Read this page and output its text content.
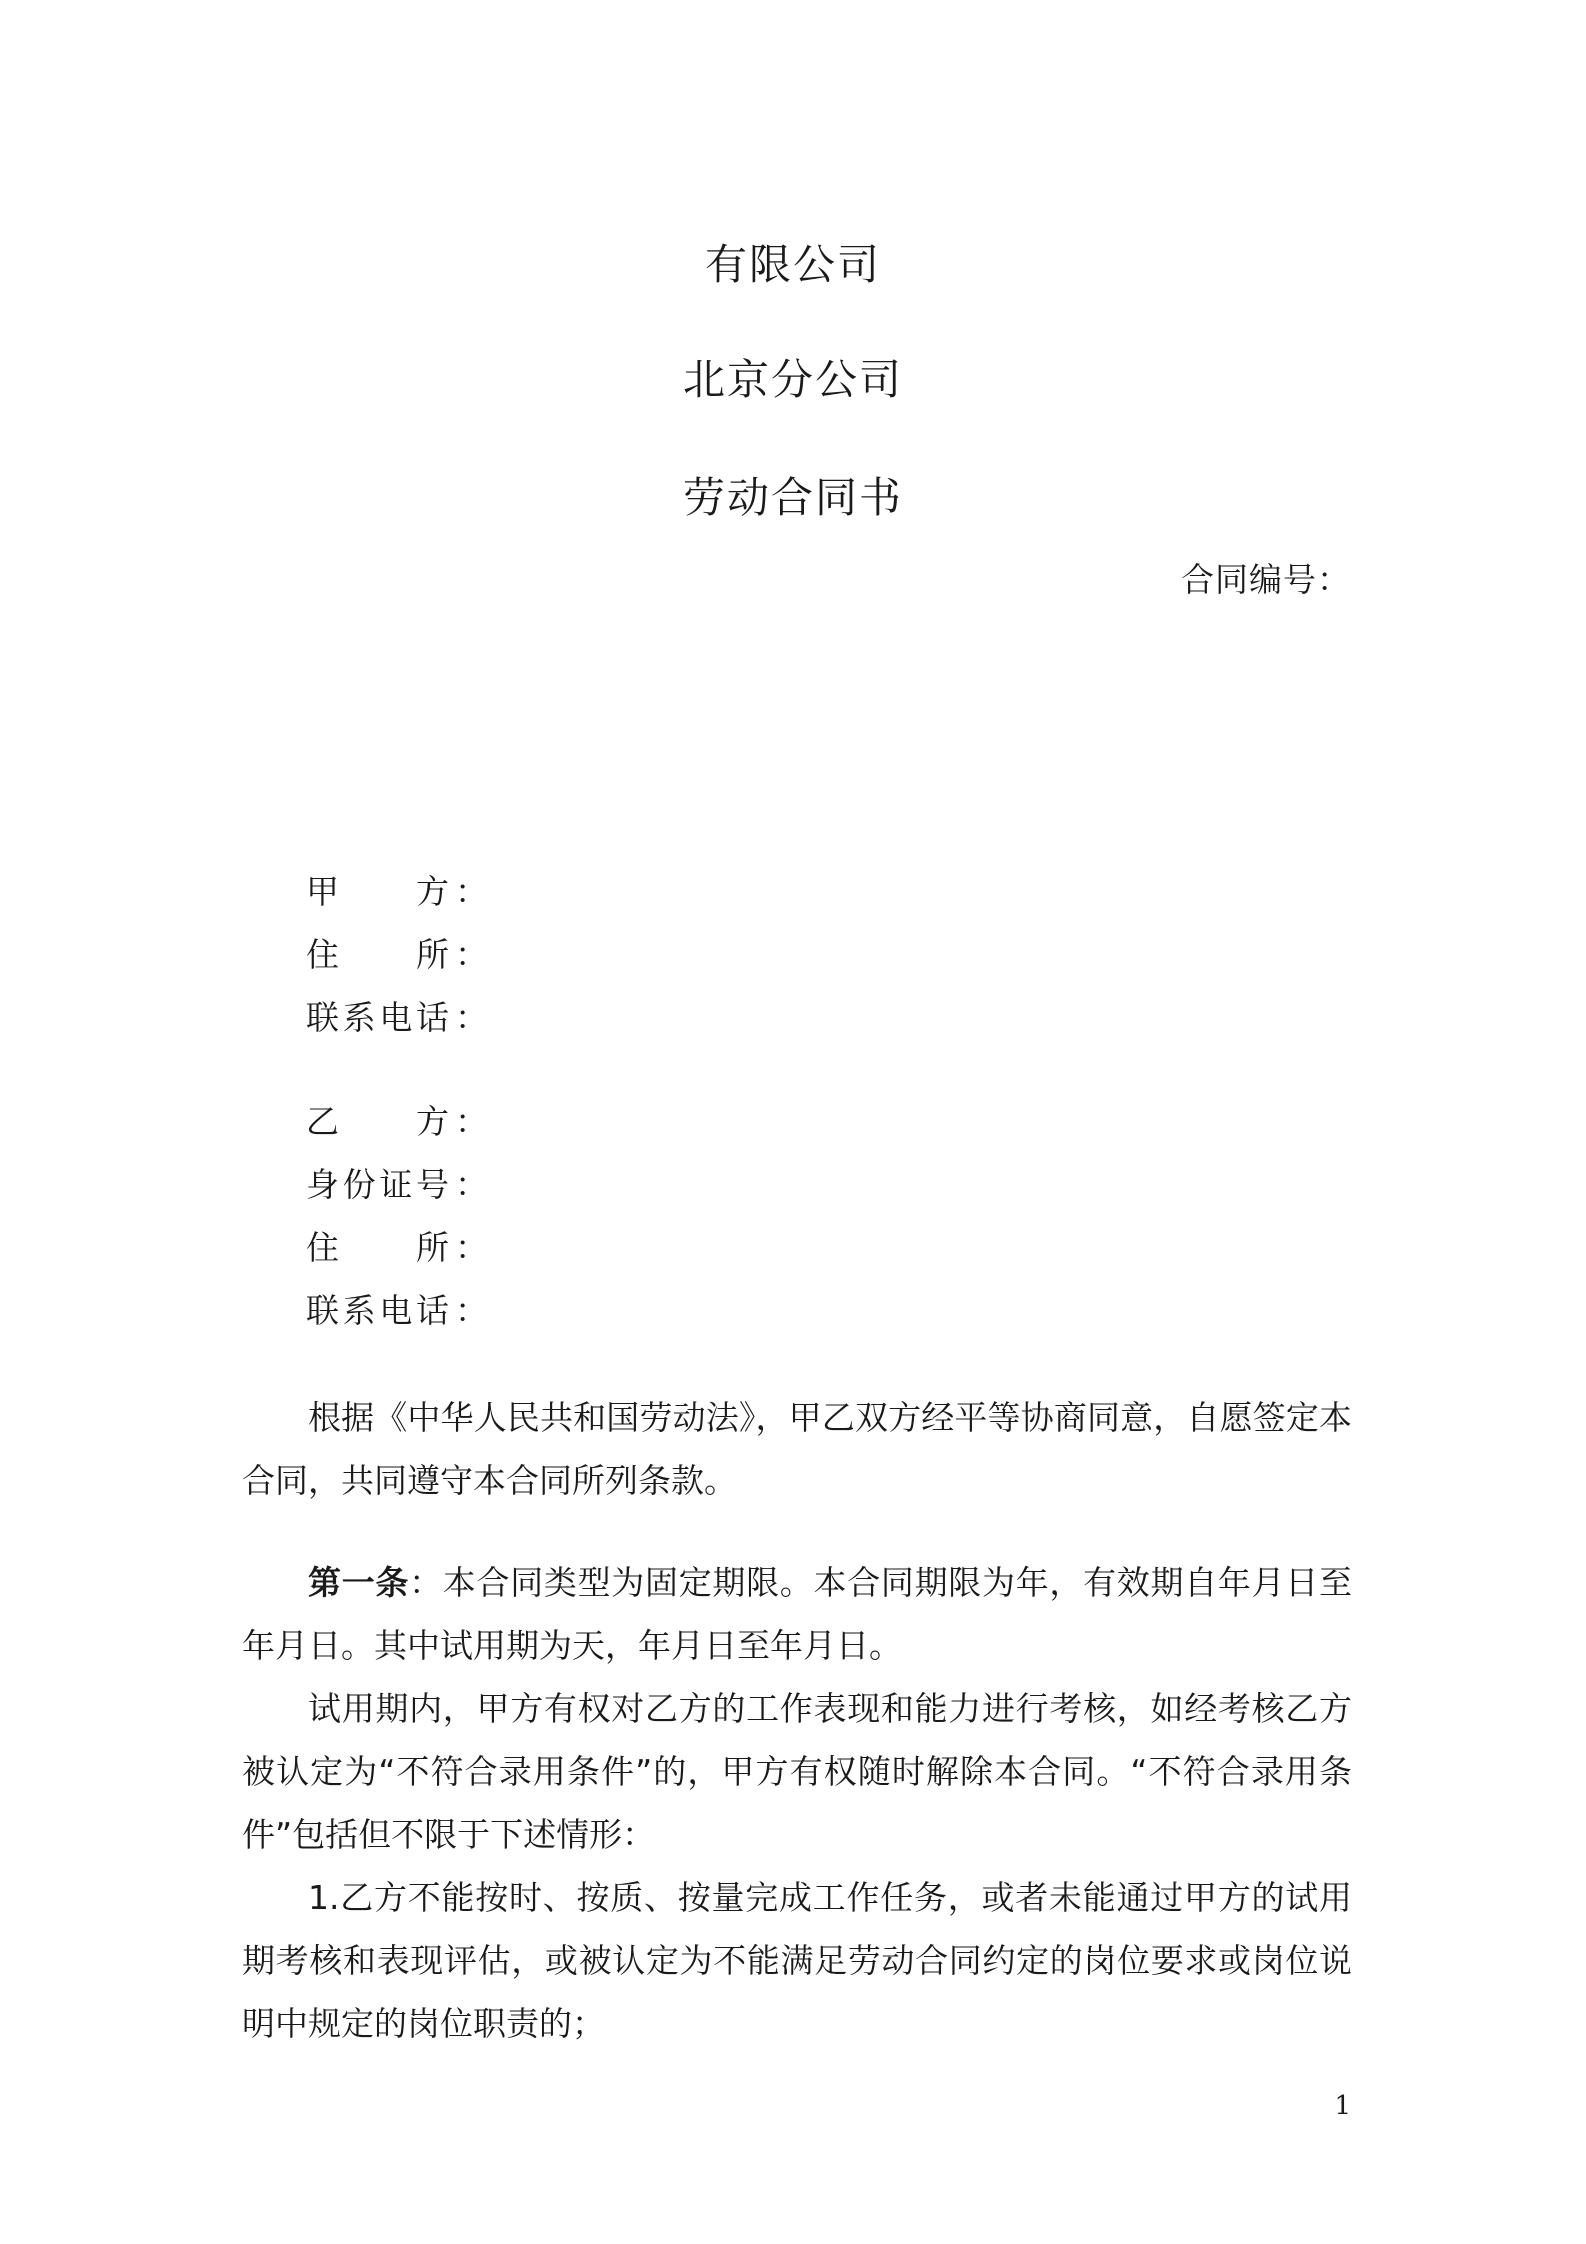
有限公司
北京分公司
劳动合同书
合同编号：
甲方 ：
住所 ：
联系电话 ：
乙方 ：
身份证号 ：
住所 ：
联系电话 ：

根据《中华人民共和国劳动法》，甲乙双方经平等协商同意，自愿签定本合同，共同遵守本合同所列条款。

第一条：本合同类型为固定期限。本合同期限为年，有效期自年月日至年月日。其中试用期为天，年月日至年月日。

试用期内，甲方有权对乙方的工作表现和能力进行考核，如经考核乙方被认定为“不符合录用条件”的，甲方有权随时解除本合同。“不符合录用条件”包括但不限于下述情形：

1.乙方不能按时、按质、按量完成工作任务，或者未能通过甲方的试用期考核和表现评估，或被认定为不能满足劳动合同约定的岗位要求或岗位说明中规定的岗位职责的；

1
